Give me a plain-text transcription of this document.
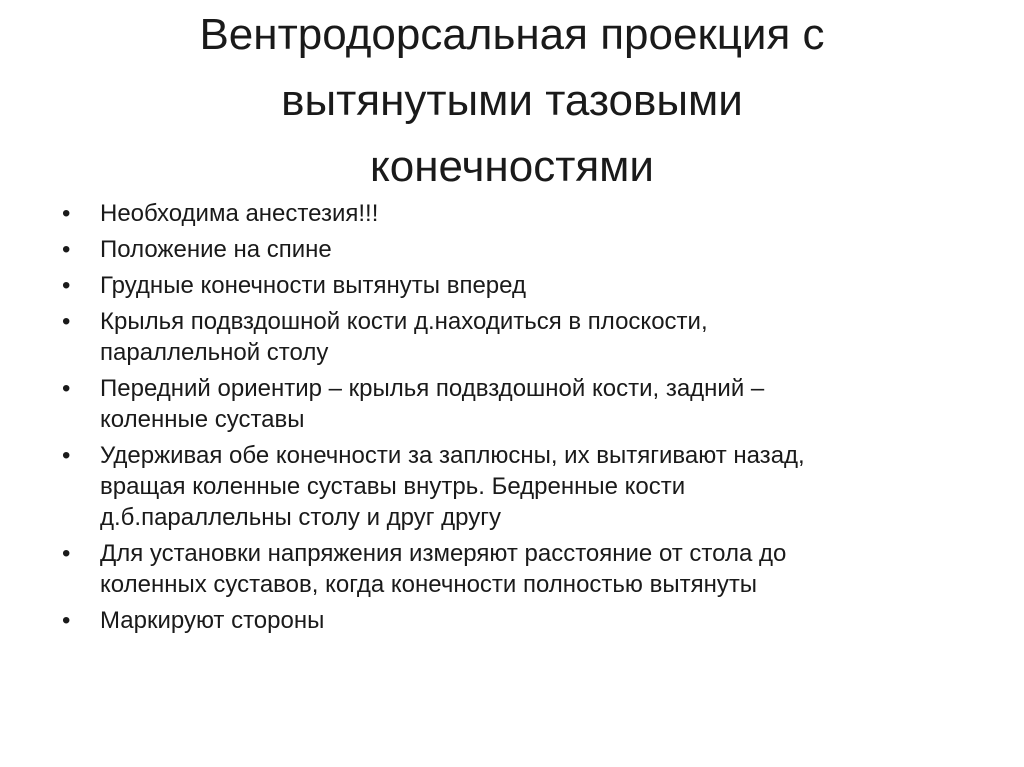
Вентродорсальная проекция с
вытянутыми тазовыми
конечностями
•	Необходима анестезия!!!
•	Положение на спине
•	Грудные конечности вытянуты вперед
•	Крылья подвздошной кости д.находиться в плоскости,
параллельной столу
•	Передний ориентир – крылья подвздошной кости, задний –
коленные суставы
•	Удерживая обе конечности за заплюсны, их вытягивают назад,
вращая коленные суставы внутрь. Бедренные кости
д.б.параллельны столу и друг другу
•	Для установки напряжения измеряют расстояние от стола до
коленных суставов, когда конечности полностью вытянуты
•	Маркируют стороны
